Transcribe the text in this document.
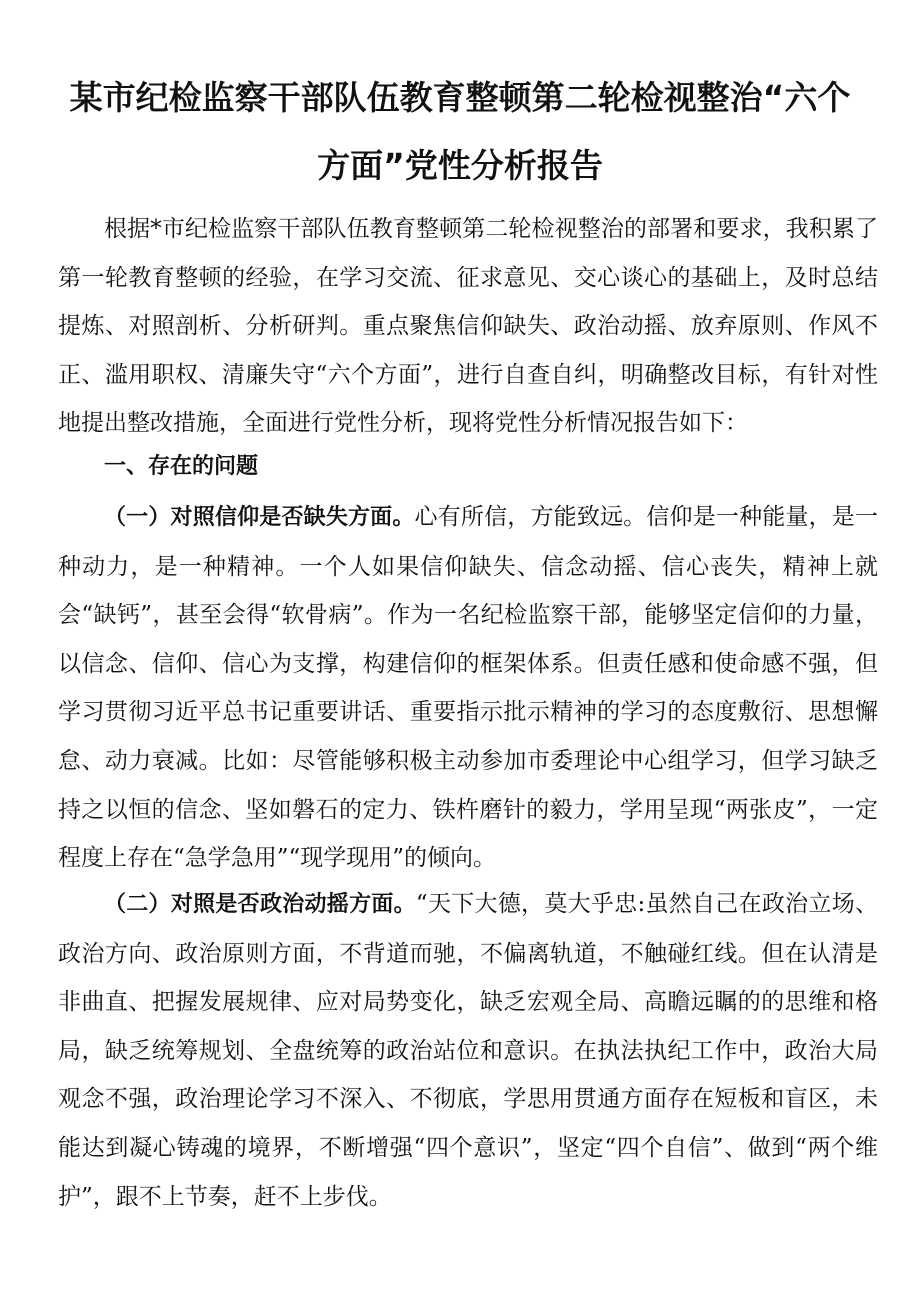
某市纪检监察干部队伍教育整顿第二轮检视整治“六个
方面”党性分析报告

根据*市纪检监察干部队伍教育整顿第二轮检视整治的部署和要求，我积累了第一轮教育整顿的经验，在学习交流、征求意见、交心谈心的基础上，及时总结提炼、对照剖析、分析研判。重点聚焦信仰缺失、政治动摇、放弃原则、作风不正、滥用职权、清廉失守“六个方面”，进行自查自纠，明确整改目标，有针对性地提出整改措施，全面进行党性分析，现将党性分析情况报告如下：

一、存在的问题

（一）对照信仰是否缺失方面。心有所信，方能致远。信仰是一种能量，是一种动力，是一种精神。一个人如果信仰缺失、信念动摇、信心丧失，精神上就会“缺钙”，甚至会得“软骨病”。作为一名纪检监察干部，能够坚定信仰的力量，以信念、信仰、信心为支撑，构建信仰的框架体系。但责任感和使命感不强，但学习贯彻习近平总书记重要讲话、重要指示批示精神的学习的态度敷衍、思想懈怠、动力衰减。比如：尽管能够积极主动参加市委理论中心组学习，但学习缺乏持之以恒的信念、坚如磐石的定力、铁杵磨针的毅力，学用呈现“两张皮”，一定程度上存在“急学急用”“现学现用”的倾向。

（二）对照是否政治动摇方面。“天下大德，莫大乎忠:虽然自己在政治立场、政治方向、政治原则方面，不背道而驰，不偏离轨道，不触碰红线。但在认清是非曲直、把握发展规律、应对局势变化，缺乏宏观全局、高瞻远瞩的的思维和格局，缺乏统筹规划、全盘统筹的政治站位和意识。在执法执纪工作中，政治大局观念不强，政治理论学习不深入、不彻底，学思用贯通方面存在短板和盲区，未能达到凝心铸魂的境界，不断增强“四个意识”，坚定“四个自信”、做到“两个维护”，跟不上节奏，赶不上步伐。
